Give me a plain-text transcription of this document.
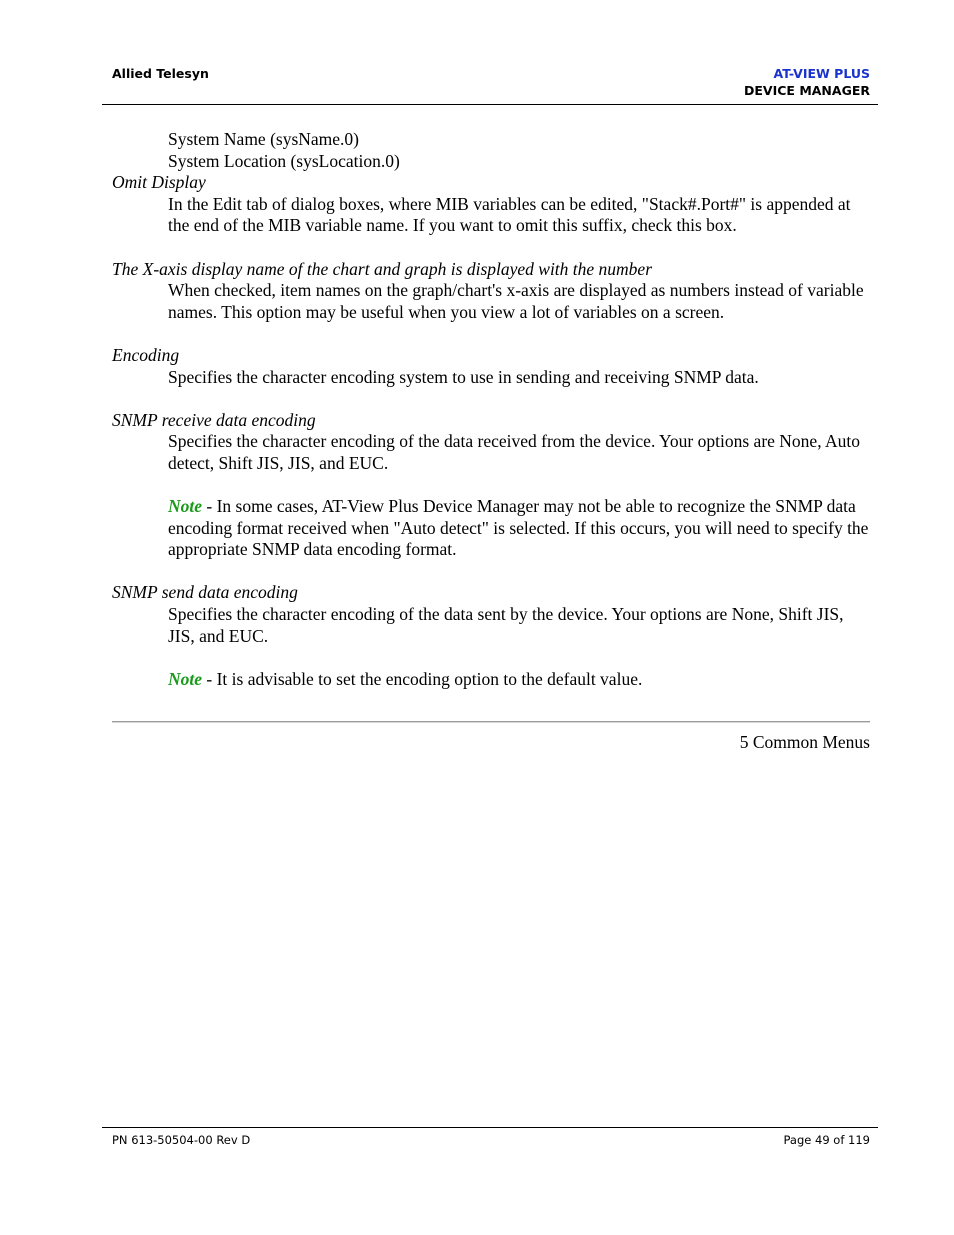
Allied Telesyn	AT-VIEW PLUS
DEVICE MANAGER
System Name (sysName.0)
System Location (sysLocation.0)
Omit Display
In the Edit tab of dialog boxes, where MIB variables can be edited, "Stack#.Port#" is appended at the end of the MIB variable name. If you want to omit this suffix, check this box.
The X-axis display name of the chart and graph is displayed with the number
When checked, item names on the graph/chart's x-axis are displayed as numbers instead of variable names. This option may be useful when you view a lot of variables on a screen.
Encoding
Specifies the character encoding system to use in sending and receiving SNMP data.
SNMP receive data encoding
Specifies the character encoding of the data received from the device. Your options are None, Auto detect, Shift JIS, JIS, and EUC.
Note - In some cases, AT-View Plus Device Manager may not be able to recognize the SNMP data encoding format received when "Auto detect" is selected. If this occurs, you will need to specify the appropriate SNMP data encoding format.
SNMP send data encoding
Specifies the character encoding of the data sent by the device. Your options are None, Shift JIS, JIS, and EUC.
Note - It is advisable to set the encoding option to the default value.
5 Common Menus
PN 613-50504-00 Rev D	Page 49 of 119
